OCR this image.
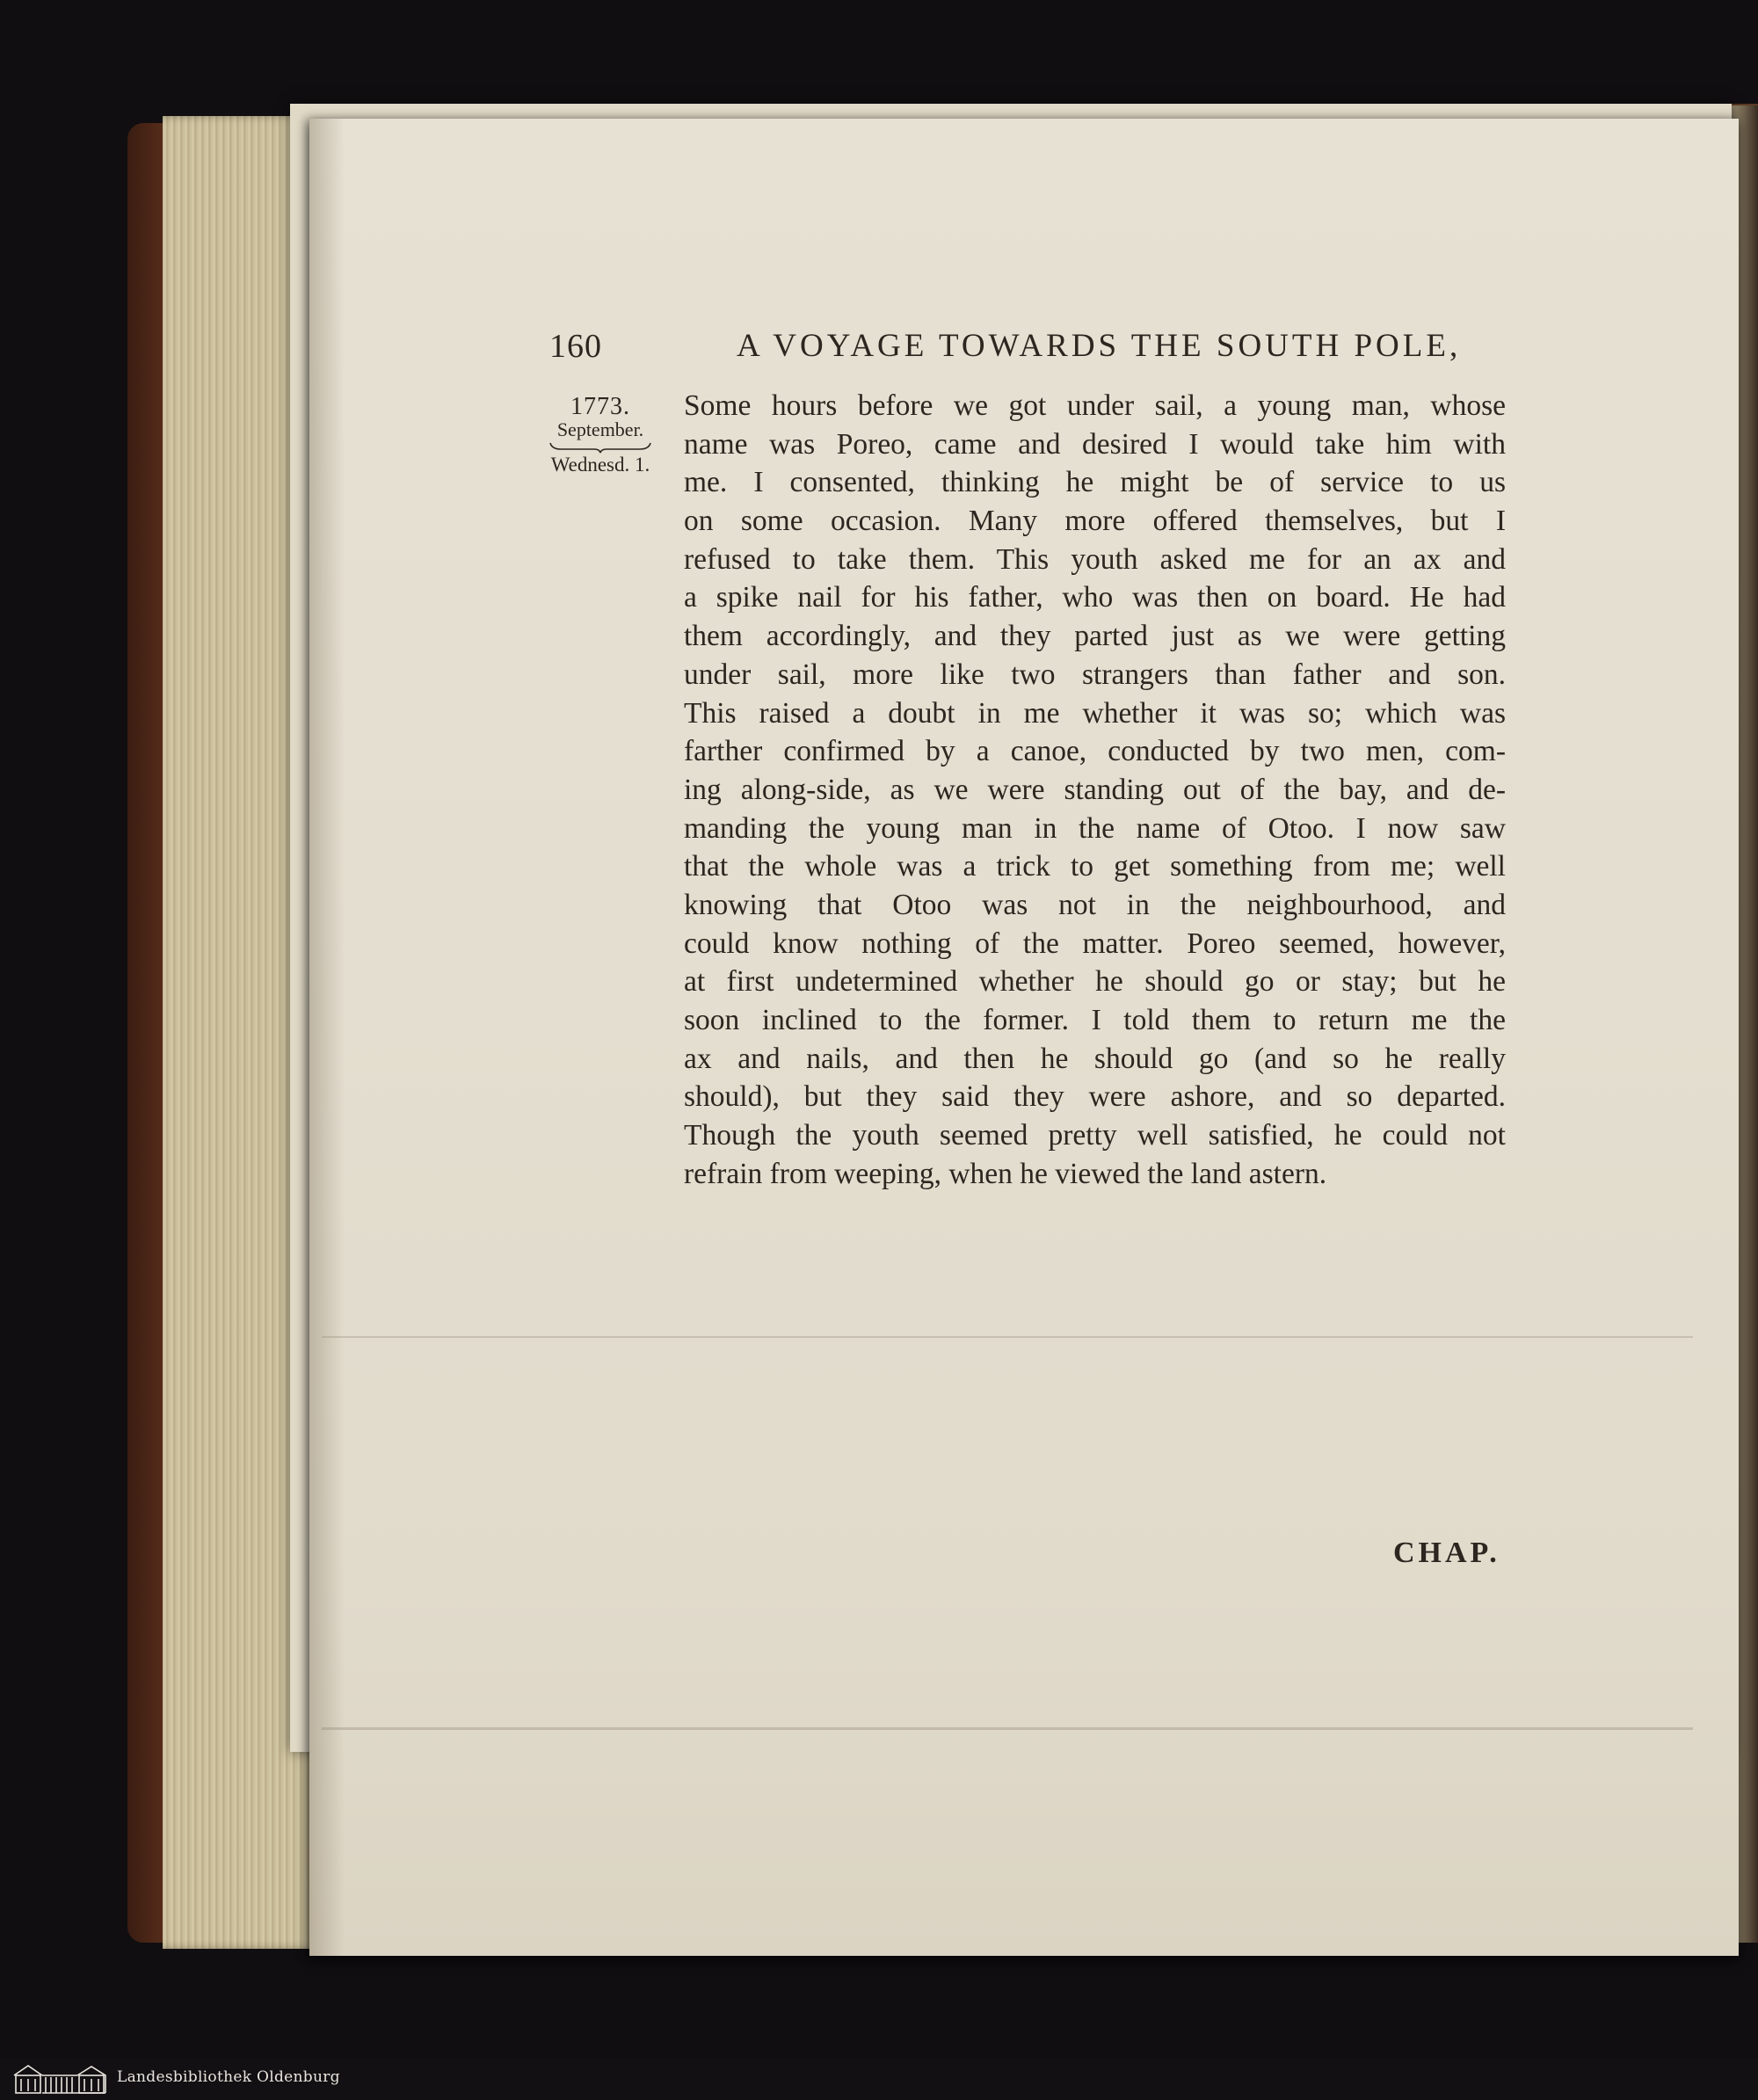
160	A VOYAGE TOWARDS THE SOUTH POLE,
1773.
September.
Wednesd. 1.
Some hours before we got under sail, a young man, whose
name was Poreo, came and desired I would take him with
me. I consented, thinking he might be of service to us
on some occasion. Many more offered themselves, but I
refused to take them. This youth asked me for an ax and
a spike nail for his father, who was then on board. He had
them accordingly, and they parted just as we were getting
under sail, more like two strangers than father and son.
This raised a doubt in me whether it was so; which was
farther confirmed by a canoe, conducted by two men, com-
ing along-side, as we were standing out of the bay, and de-
manding the young man in the name of Otoo. I now saw
that the whole was a trick to get something from me; well
knowing that Otoo was not in the neighbourhood, and
could know nothing of the matter. Poreo seemed, however,
at first undetermined whether he should go or stay; but he
soon inclined to the former. I told them to return me the
ax and nails, and then he should go (and so he really
should), but they said they were ashore, and so departed.
Though the youth seemed pretty well satisfied, he could not
refrain from weeping, when he viewed the land astern.
CHAP.
Landesbibliothek Oldenburg
